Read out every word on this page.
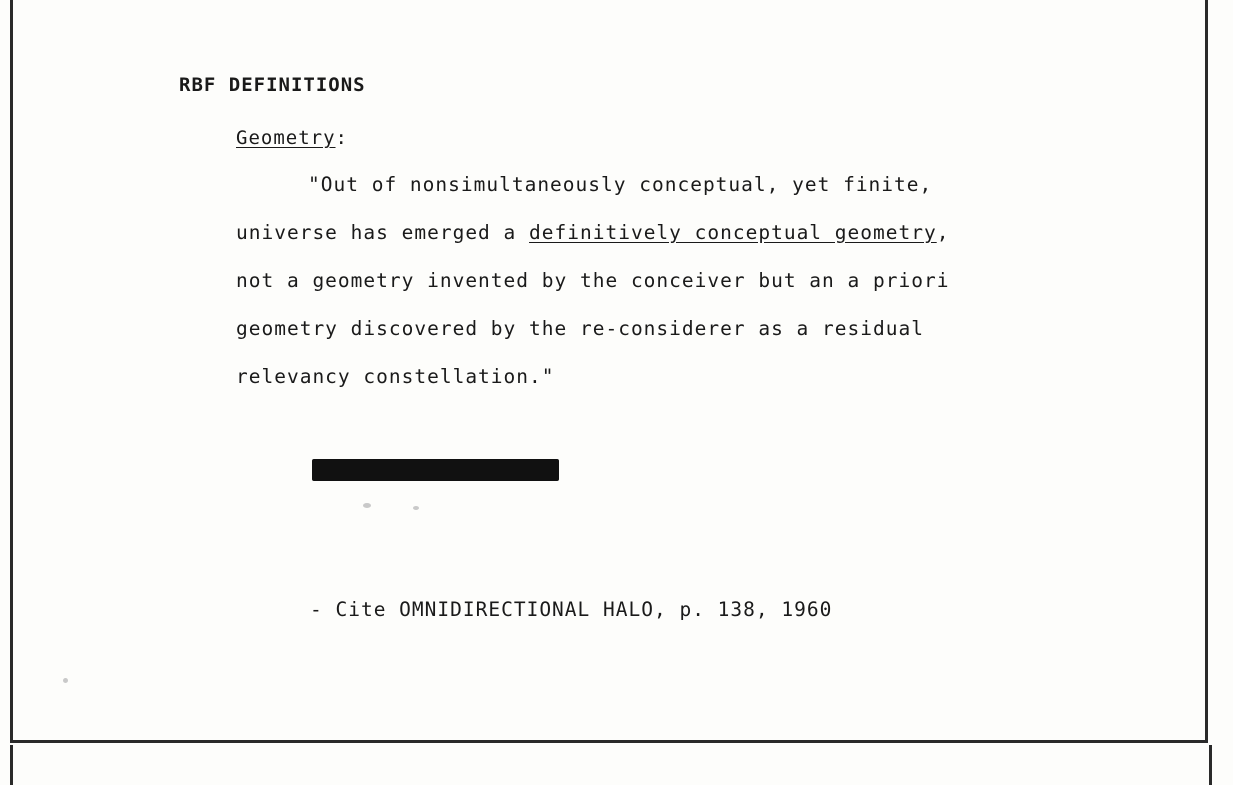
RBF DEFINITIONS
Geometry:

"Out of nonsimultaneously conceptual, yet finite,

universe has emerged a definitively conceptual geometry,

not a geometry invented by the conceiver but an a priori

geometry discovered by the re-considerer as a residual

relevancy constellation."

- Cite OMNIDIRECTIONAL HALO, p. 138, 1960
